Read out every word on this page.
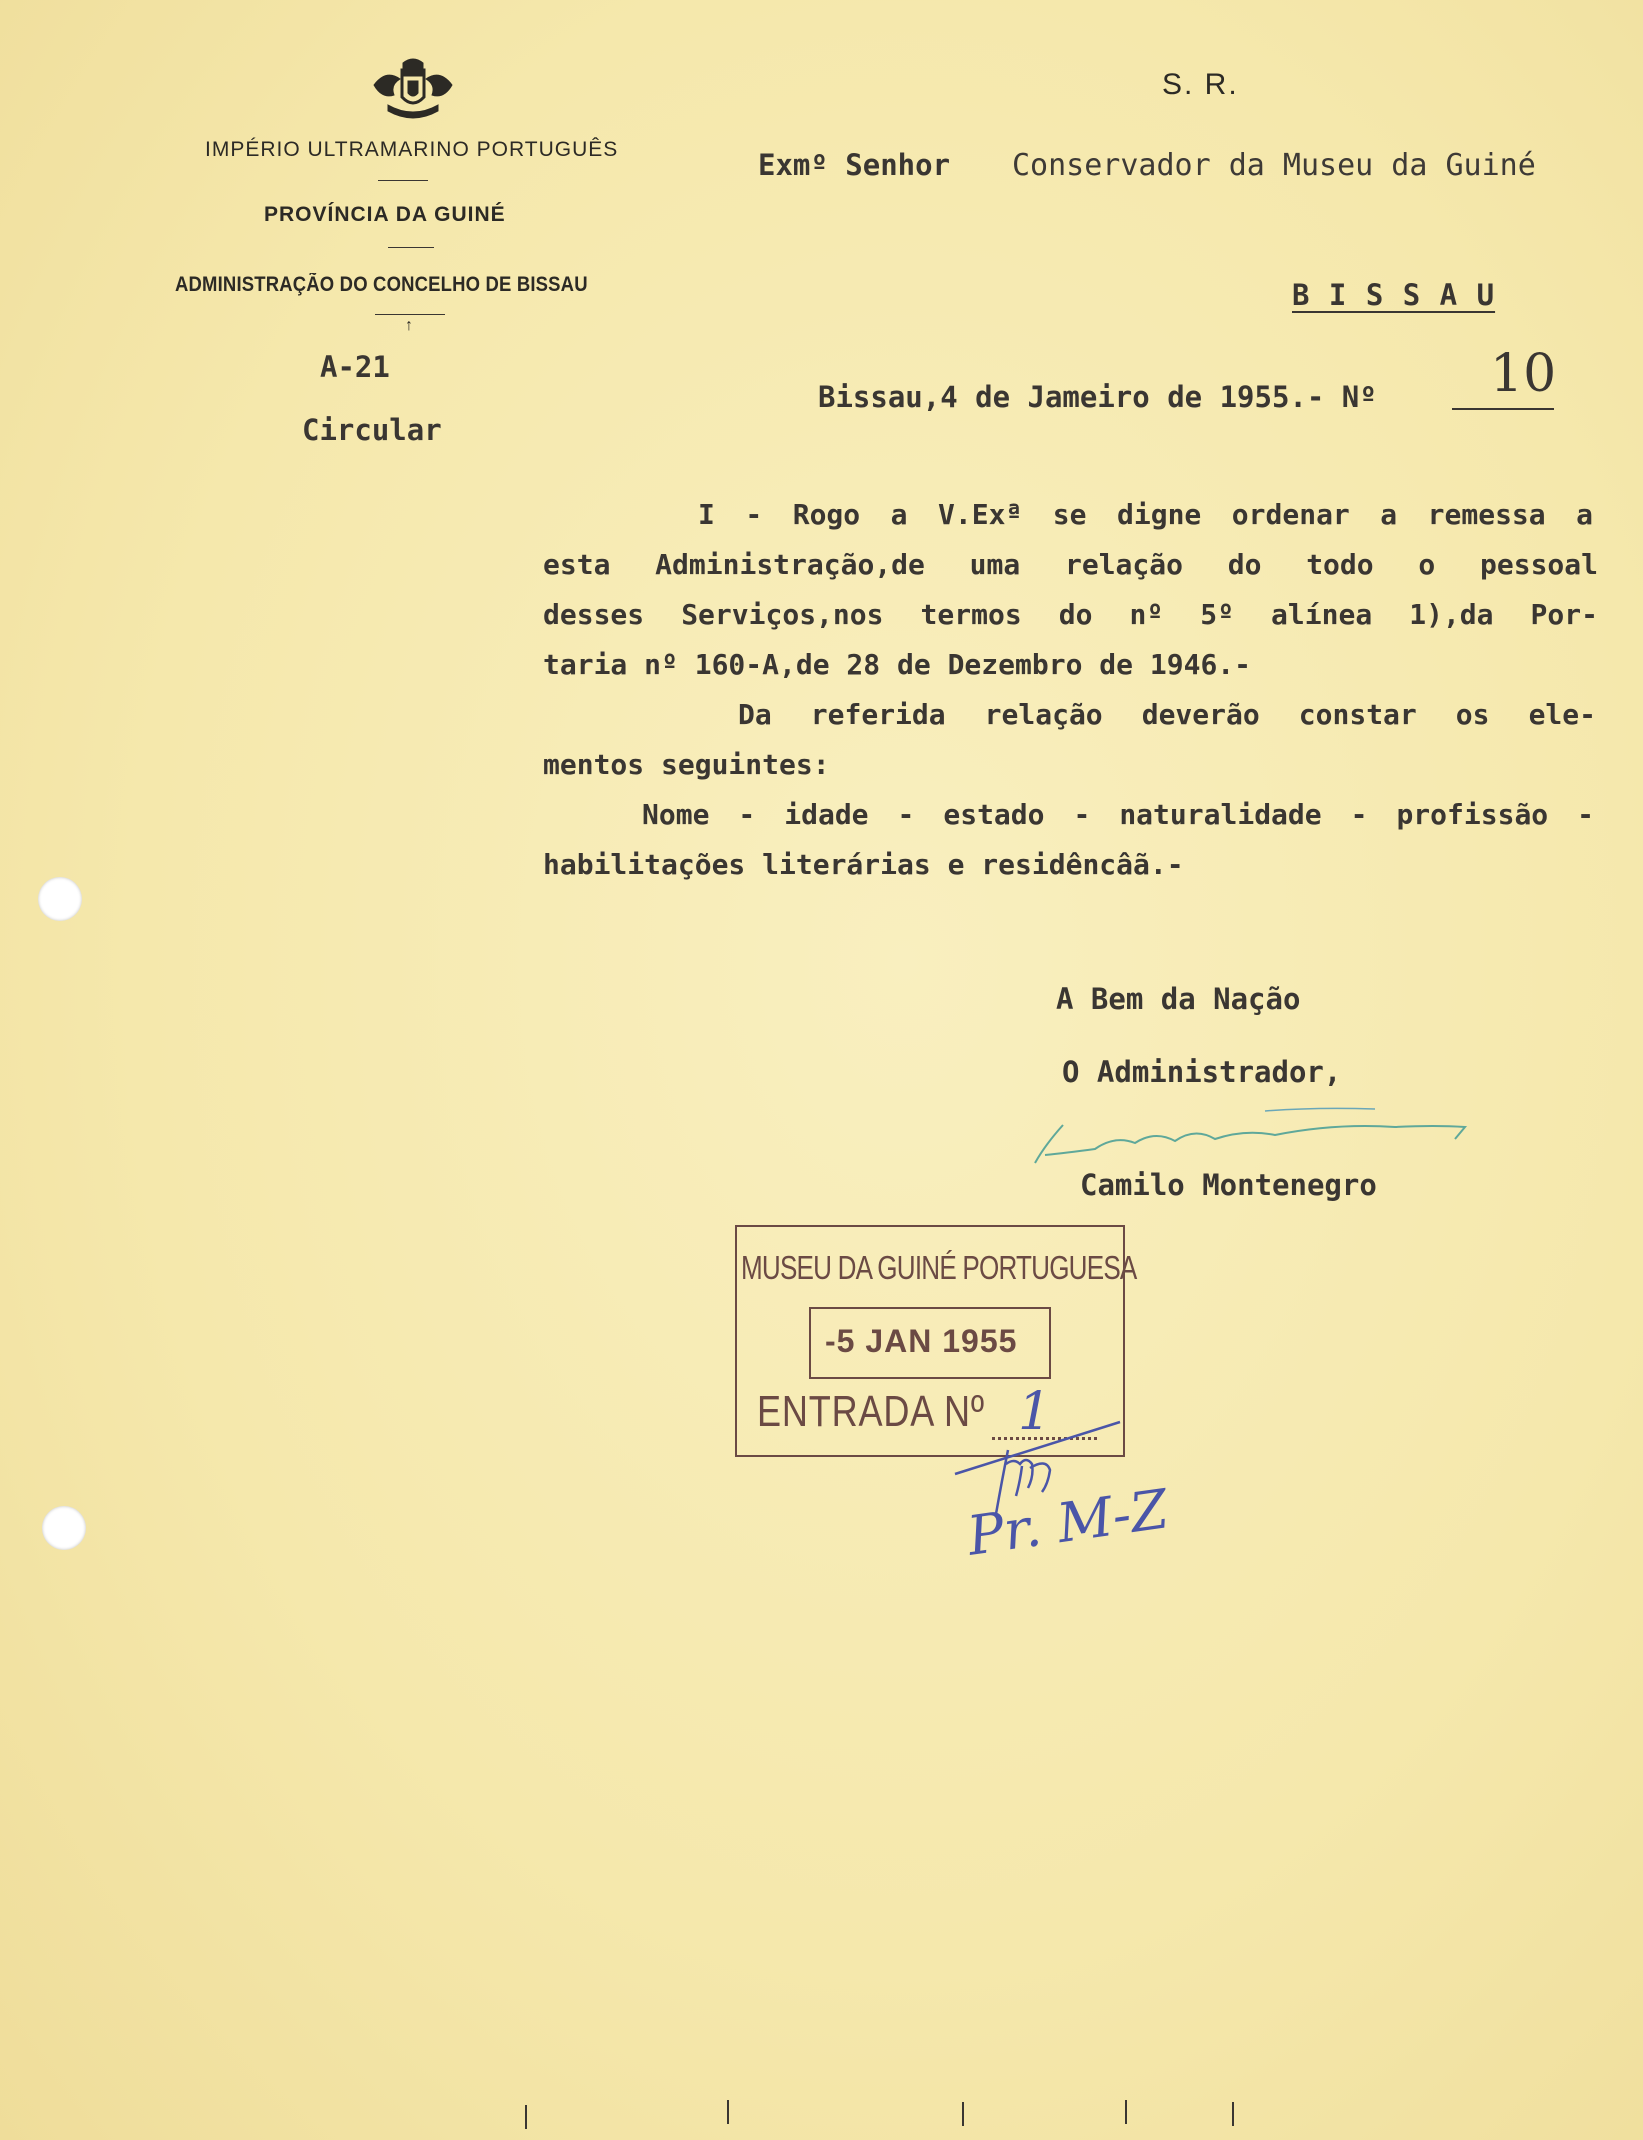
IMPÉRIO ULTRAMARINO PORTUGUÊS
PROVÍNCIA DA GUINÉ
ADMINISTRAÇÃO DO CONCELHO DE BISSAU
↑
A-21
Circular
S. R.
Exmº Senhor Conservador da Museu da Guiné
B I S S A U
Bissau,4 de Jameiro de 1955.- Nº 10
I - Rogo a V.Exª se digne ordenar a remessa a
esta Administração,de uma relação do todo o pessoal
desses Serviços,nos termos do nº 5º alínea 1),da Por-
taria nº 160-A,de 28 de Dezembro de 1946.-
Da referida relação deverão constar os ele-
mentos seguintes:
Nome - idade - estado - naturalidade - profissão -
habilitações literárias e residêncâã.-
A Bem da Nação
O Administrador,
Camilo Montenegro
MUSEU DA GUINÉ PORTUGUESA
-5 JAN 1955
ENTRADA Nº 1
Pr. M-Z
